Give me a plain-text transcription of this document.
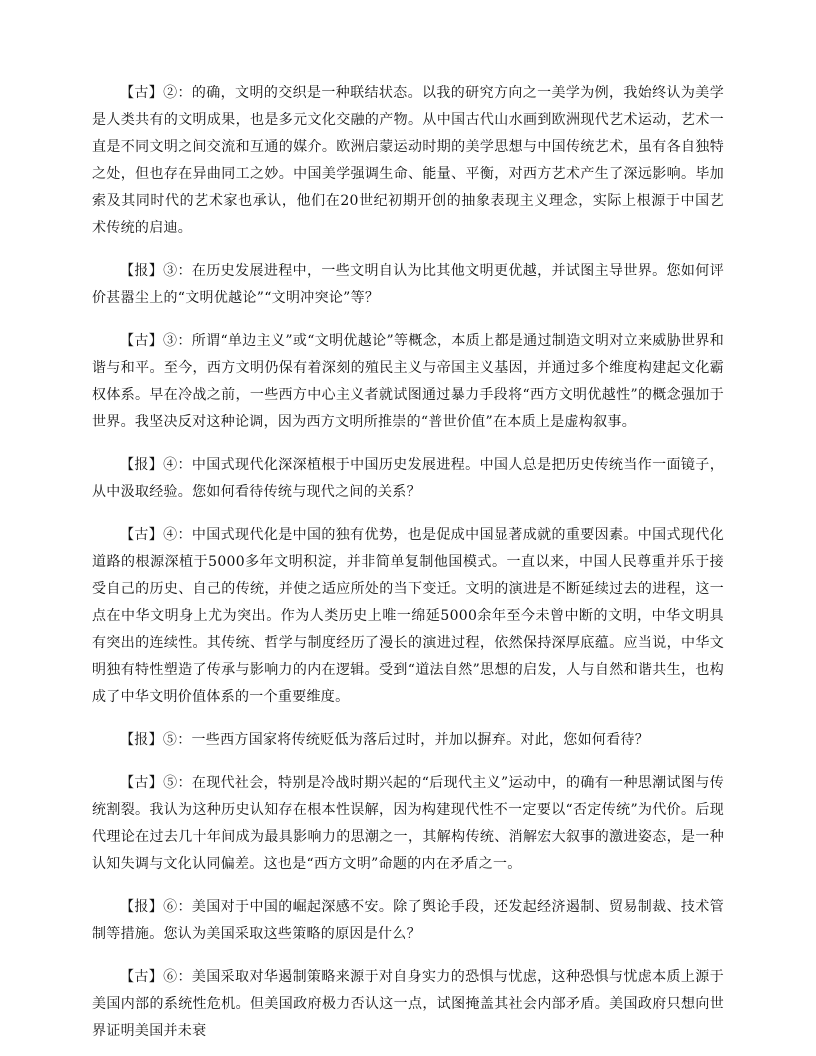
【古】②：的确，文明的交织是一种联结状态。以我的研究方向之一美学为例，我始终认为美学是人类共有的文明成果，也是多元文化交融的产物。从中国古代山水画到欧洲现代艺术运动，艺术一直是不同文明之间交流和互通的媒介。欧洲启蒙运动时期的美学思想与中国传统艺术，虽有各自独特之处，但也存在异曲同工之妙。中国美学强调生命、能量、平衡，对西方艺术产生了深远影响。毕加索及其同时代的艺术家也承认，他们在20世纪初期开创的抽象表现主义理念，实际上根源于中国艺术传统的启迪。

【报】③：在历史发展进程中，一些文明自认为比其他文明更优越，并试图主导世界。您如何评价甚嚣尘上的“文明优越论”“文明冲突论”等？

【古】③：所谓“单边主义”或“文明优越论”等概念，本质上都是通过制造文明对立来威胁世界和谐与和平。至今，西方文明仍保有着深刻的殖民主义与帝国主义基因，并通过多个维度构建起文化霸权体系。早在冷战之前，一些西方中心主义者就试图通过暴力手段将“西方文明优越性”的概念强加于世界。我坚决反对这种论调，因为西方文明所推崇的“普世价值”在本质上是虚构叙事。

【报】④：中国式现代化深深植根于中国历史发展进程。中国人总是把历史传统当作一面镜子，从中汲取经验。您如何看待传统与现代之间的关系？

【古】④：中国式现代化是中国的独有优势，也是促成中国显著成就的重要因素。中国式现代化道路的根源深植于5000多年文明积淀，并非简单复制他国模式。一直以来，中国人民尊重并乐于接受自己的历史、自己的传统，并使之适应所处的当下变迁。文明的演进是不断延续过去的进程，这一点在中华文明身上尤为突出。作为人类历史上唯一绵延5000余年至今未曾中断的文明，中华文明具有突出的连续性。其传统、哲学与制度经历了漫长的演进过程，依然保持深厚底蕴。应当说，中华文明独有特性塑造了传承与影响力的内在逻辑。受到“道法自然”思想的启发，人与自然和谐共生，也构成了中华文明价值体系的一个重要维度。

【报】⑤：一些西方国家将传统贬低为落后过时，并加以摒弃。对此，您如何看待？

【古】⑤：在现代社会，特别是冷战时期兴起的“后现代主义”运动中，的确有一种思潮试图与传统割裂。我认为这种历史认知存在根本性误解，因为构建现代性不一定要以“否定传统”为代价。后现代理论在过去几十年间成为最具影响力的思潮之一，其解构传统、消解宏大叙事的激进姿态，是一种认知失调与文化认同偏差。这也是“西方文明”命题的内在矛盾之一。

【报】⑥：美国对于中国的崛起深感不安。除了舆论手段，还发起经济遏制、贸易制裁、技术管制等措施。您认为美国采取这些策略的原因是什么？

【古】⑥：美国采取对华遏制策略来源于对自身实力的恐惧与忧虑，这种恐惧与忧虑本质上源于美国内部的系统性危机。但美国政府极力否认这一点，试图掩盖其社会内部矛盾。美国政府只想向世界证明美国并未衰
